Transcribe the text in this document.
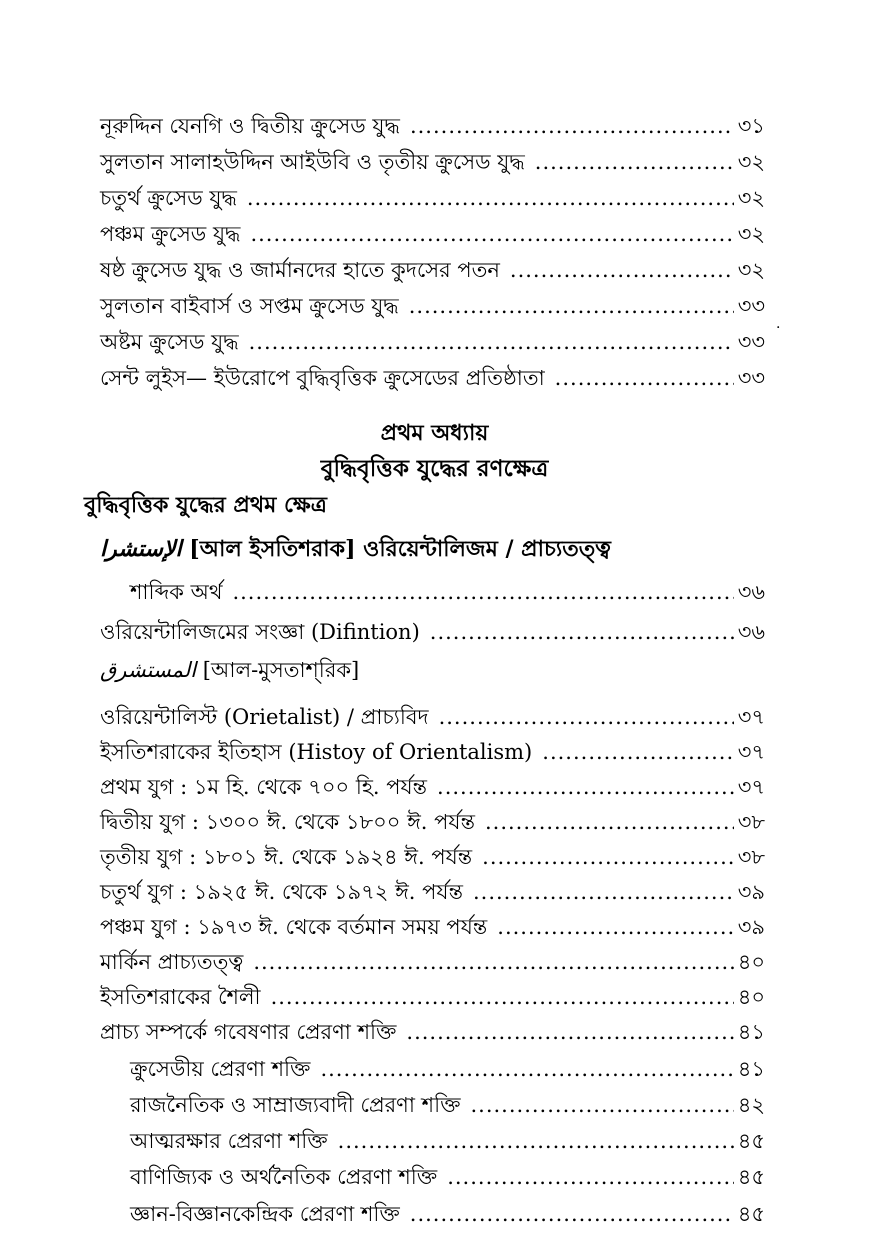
নূরুদ্দিন যেনগি ও দ্বিতীয় ক্রুসেড যুদ্ধ .....	৩১
সুলতান সালাহউদ্দিন আইউবি ও তৃতীয় ক্রুসেড যুদ্ধ .....	৩২
চতুর্থ ক্রুসেড যুদ্ধ .....	৩২
পঞ্চম ক্রুসেড যুদ্ধ .....	৩২
ষষ্ঠ ক্রুসেড যুদ্ধ ও জার্মানদের হাতে কুদসের পতন .....	৩২
সুলতান বাইবার্স ও সপ্তম ক্রুসেড যুদ্ধ .....	৩৩
অষ্টম ক্রুসেড যুদ্ধ .....	৩৩
সেন্ট লুইস— ইউরোপে বুদ্ধিবৃত্তিক ক্রুসেডের প্রতিষ্ঠাতা .....	৩৩
·
প্রথম অধ্যায়
বুদ্ধিবৃত্তিক যুদ্ধের রণক্ষেত্র
বুদ্ধিবৃত্তিক যুদ্ধের প্রথম ক্ষেত্র
الإستشرا [আল ইসতিশরাক] ওরিয়েন্টালিজম / প্রাচ্যতত্ত্ব
শাব্দিক অর্থ .....	৩৬
ওরিয়েন্টালিজমের সংজ্ঞা (Difintion) .....	৩৬
المستشرق [আল-মুসতাশ্‌রিক]
ওরিয়েন্টালিস্ট (Orietalist) / প্রাচ্যবিদ .....	৩৭
ইসতিশরাকের ইতিহাস (Histoy of Orientalism) .....	৩৭
প্রথম যুগ : ১ম হি. থেকে ৭০০ হি. পর্যন্ত .....	৩৭
দ্বিতীয় যুগ : ১৩০০ ঈ. থেকে ১৮০০ ঈ. পর্যন্ত .....	৩৮
তৃতীয় যুগ : ১৮০১ ঈ. থেকে ১৯২৪ ঈ. পর্যন্ত .....	৩৮
চতুর্থ যুগ : ১৯২৫ ঈ. থেকে ১৯৭২ ঈ. পর্যন্ত .....	৩৯
পঞ্চম যুগ : ১৯৭৩ ঈ. থেকে বর্তমান সময় পর্যন্ত .....	৩৯
মার্কিন প্রাচ্যতত্ত্ব .....	৪০
ইসতিশরাকের শৈলী .....	৪০
প্রাচ্য সম্পর্কে গবেষণার প্রেরণা শক্তি .....	৪১
ক্রুসেডীয় প্রেরণা শক্তি .....	৪১
রাজনৈতিক ও সাম্রাজ্যবাদী প্রেরণা শক্তি .....	৪২
আত্মরক্ষার প্রেরণা শক্তি .....	৪৫
বাণিজ্যিক ও অর্থনৈতিক প্রেরণা শক্তি .....	৪৫
জ্ঞান-বিজ্ঞানকেন্দ্রিক প্রেরণা শক্তি .....	৪৫
